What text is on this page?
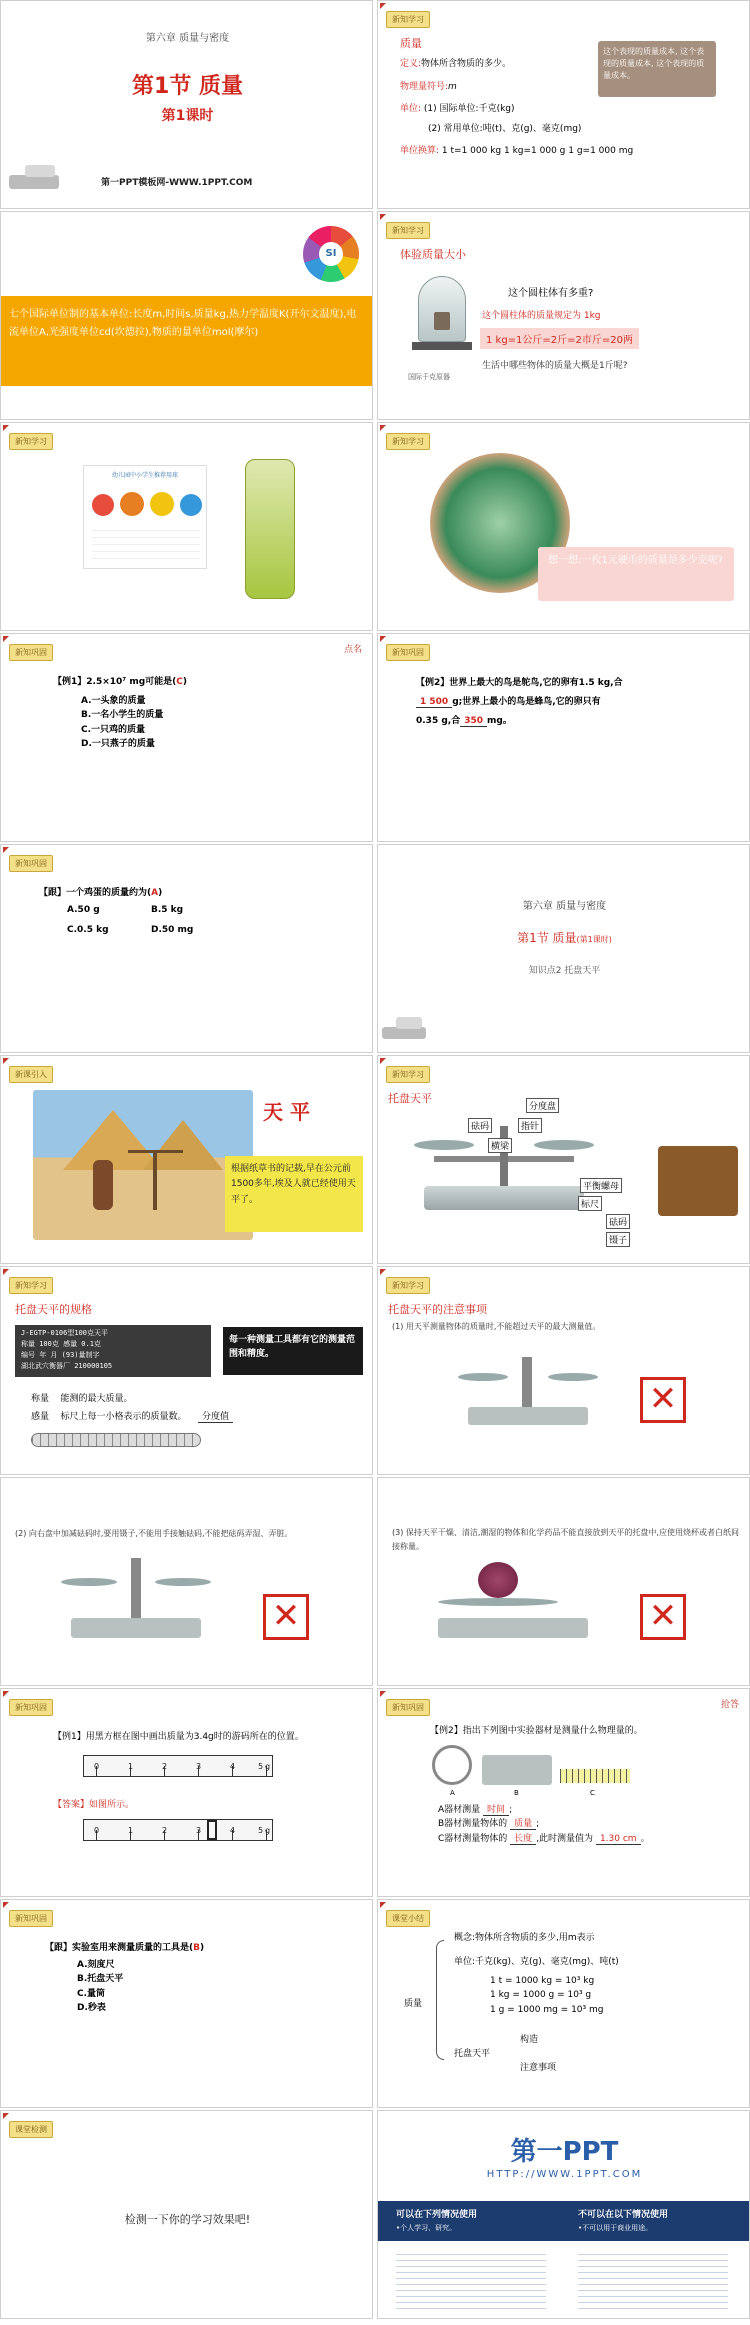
第六章 质量与密度
第1节 质量
第1课时
第一PPT模板网-WWW.1PPT.COM
新知学习
质量
定义:物体所含物质的多少。
物理量符号:m
单位: (1) 国际单位:千克(kg)
(2) 常用单位:吨(t)、克(g)、毫克(mg)
单位换算: 1 t=1 000 kg 1 kg=1 000 g 1 g=1 000 mg
这个表现的质量成本, 这个表现的质量成本, 这个表现的质量成本。
SI
七个国际单位制的基本单位:长度m,时间s,质量kg,热力学温度K(开尔文温度),电流单位A,光强度单位cd(坎德拉),物质的量单位mol(摩尔)
新知学习
体验质量大小
国际千克原器
这个圆柱体有多重?
这个圆柱体的质量规定为 1kg
1 kg=1公斤=2斤=2市斤=20两
生活中哪些物体的质量大概是1斤呢?
新知学习
幼儿园中小学生推荐用球
新知学习
想一想:一枚1元硬币的质量是多少克呢?
新知巩固	点名
【例1】2.5×10⁷ mg可能是(C)
A.一头象的质量
B.一名小学生的质量
C.一只鸡的质量
D.一只燕子的质量
新知巩固
【例2】世界上最大的鸟是鸵鸟,它的卵有1.5 kg,合
1 500 g;世界上最小的鸟是蜂鸟,它的卵只有
0.35 g,合 350 mg。
新知巩固
【跟】一个鸡蛋的质量约为(A)
A.50 g	B.5 kg
C.0.5 kg	D.50 mg
第六章 质量与密度
第1节 质量(第1课时)
知识点2 托盘天平
新课引入
天 平
根据纸草书的记载,早在公元前1500多年,埃及人就已经使用天平了。
新知学习
托盘天平
分度盘
砝码	指针
横梁
平衡螺母
标尺
砝码
镊子
新知学习
托盘天平的规格
J-EGTP-0106型100克天平
称量 100克 感量 0.1克
编号 年 月 (93)量制字
湖北武穴衡器厂 210000105
每一种测量工具都有它的测量范围和精度。
称量 能测的最大质量。
感量 标尺上每一小格表示的质量数。 分度值
新知学习
托盘天平的注意事项
(1) 用天平测量物体的质量时,不能超过天平的最大测量值。
✕
(2) 向右盘中加减砝码时,要用镊子,不能用手接触砝码,不能把砝码弄湿、弄脏。
✕
(3) 保持天平干燥、清洁,潮湿的物体和化学药品不能直接放到天平的托盘中,应使用烧杯或者白纸间接称量。
✕
新知巩固
【例1】用黑方框在图中画出质量为3.4g时的游码所在的位置。
0	1	2	3	4	5 g
【答案】如图所示。
0	1	2	3	4	5 g
新知巩固	抢答
【例2】指出下列图中实验器材是测量什么物理量的。
A	B	C
A器材测量 时间 ;
B器材测量物体的 质量 ;
C器材测量物体的 长度 ,此时测量值为 1.30 cm 。
新知巩固
【跟】实验室用来测量质量的工具是(B)
A.刻度尺
B.托盘天平
C.量筒
D.秒表
课堂小结
质量
概念:物体所含物质的多少,用m表示
单位:千克(kg)、克(g)、毫克(mg)、吨(t)
1 t = 1000 kg = 10³ kg
1 kg = 1000 g = 10³ g
1 g = 1000 mg = 10³ mg
托盘天平
构造
注意事项
课堂检测
检测一下你的学习效果吧!
第一PPT
HTTP://WWW.1PPT.COM
可以在下列情况使用
•个人学习、研究。
不可以在以下情况使用
•不可以用于商业用途。
